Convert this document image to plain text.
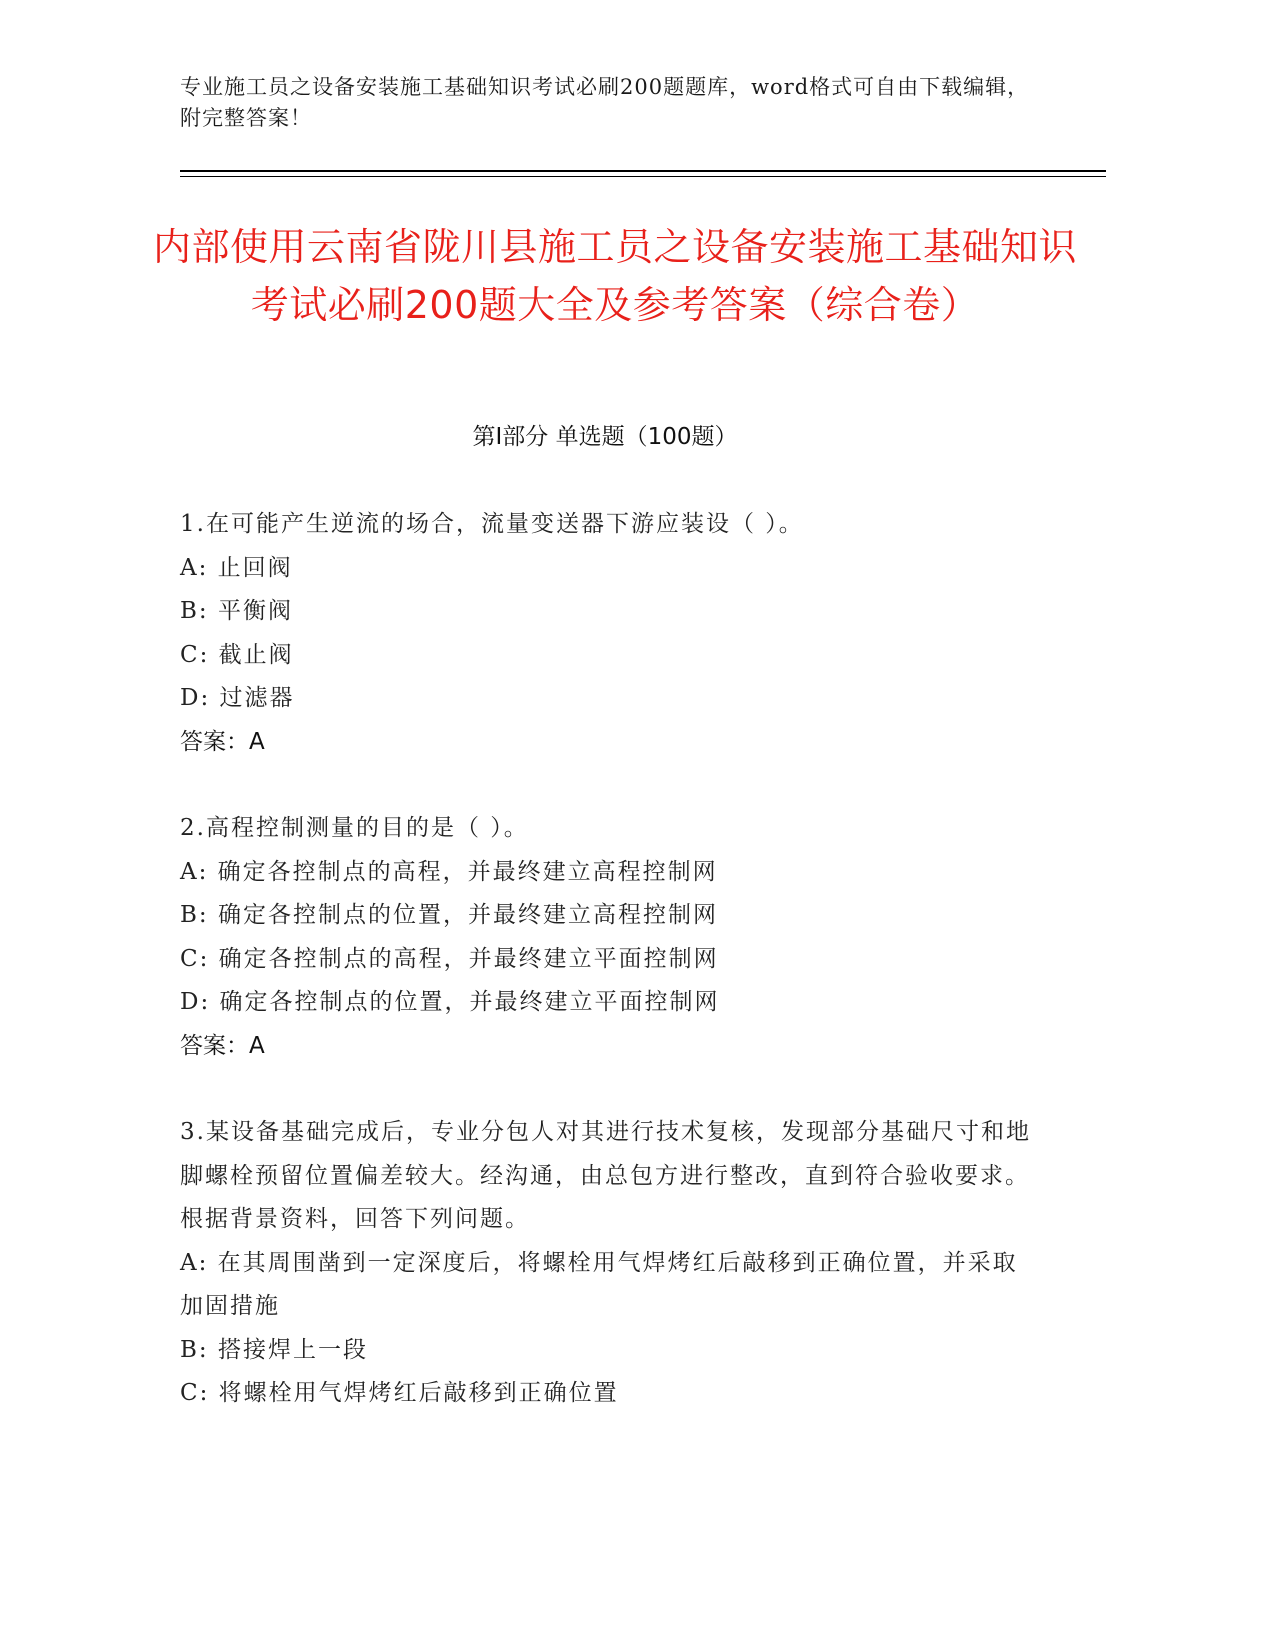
专业施工员之设备安装施工基础知识考试必刷200题题库，word格式可自由下载编辑，附完整答案！
内部使用云南省陇川县施工员之设备安装施工基础知识考试必刷200题大全及参考答案（综合卷）
第I部分 单选题（100题）
1.在可能产生逆流的场合，流量变送器下游应装设（ ）。
A: 止回阀
B: 平衡阀
C: 截止阀
D: 过滤器
答案：A
2.高程控制测量的目的是（ ）。
A: 确定各控制点的高程，并最终建立高程控制网
B: 确定各控制点的位置，并最终建立高程控制网
C: 确定各控制点的高程，并最终建立平面控制网
D: 确定各控制点的位置，并最终建立平面控制网
答案：A
3.某设备基础完成后，专业分包人对其进行技术复核，发现部分基础尺寸和地脚螺栓预留位置偏差较大。经沟通，由总包方进行整改，直到符合验收要求。根据背景资料，回答下列问题。
A: 在其周围凿到一定深度后，将螺栓用气焊烤红后敲移到正确位置，并采取加固措施
B: 搭接焊上一段
C: 将螺栓用气焊烤红后敲移到正确位置
